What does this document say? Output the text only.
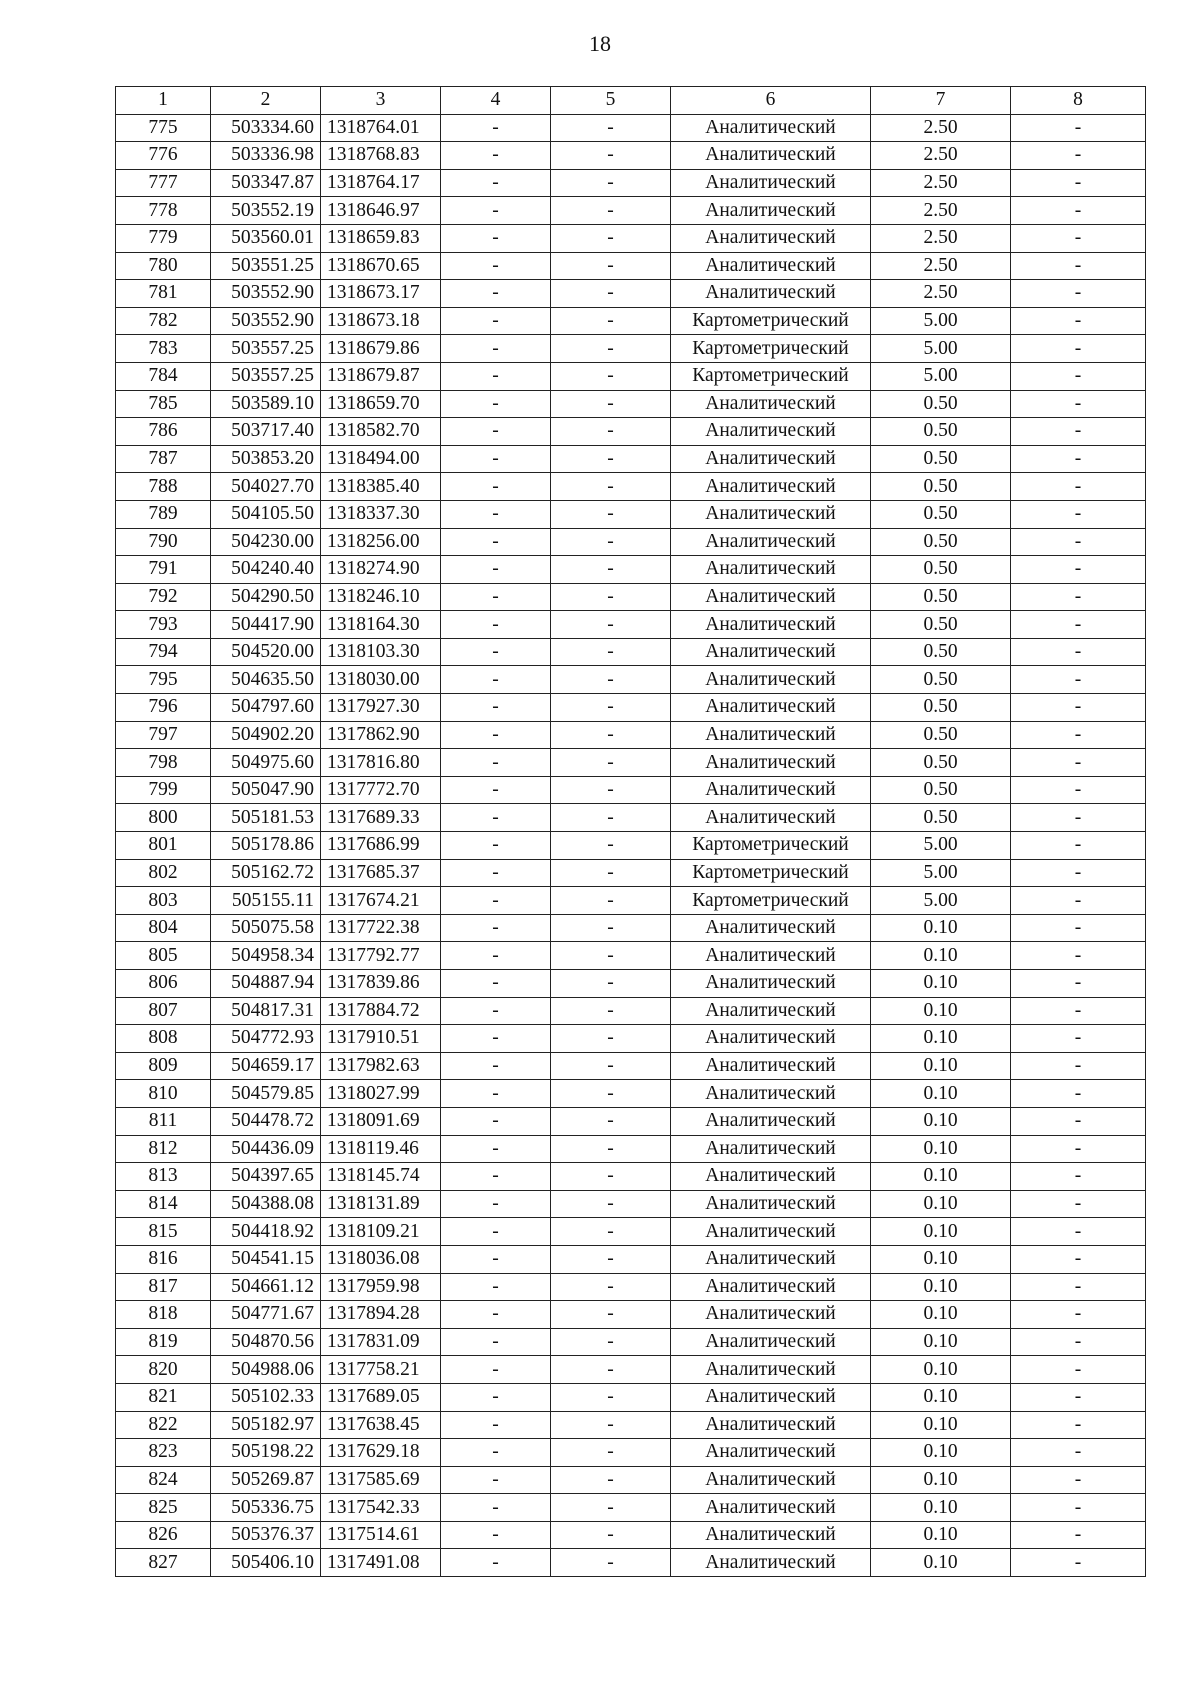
18
1	2	3	4	5	6	7	8
775	503334.60	1318764.01	-	-	Аналитический	2.50	-
776	503336.98	1318768.83	-	-	Аналитический	2.50	-
777	503347.87	1318764.17	-	-	Аналитический	2.50	-
778	503552.19	1318646.97	-	-	Аналитический	2.50	-
779	503560.01	1318659.83	-	-	Аналитический	2.50	-
780	503551.25	1318670.65	-	-	Аналитический	2.50	-
781	503552.90	1318673.17	-	-	Аналитический	2.50	-
782	503552.90	1318673.18	-	-	Картометрический	5.00	-
783	503557.25	1318679.86	-	-	Картометрический	5.00	-
784	503557.25	1318679.87	-	-	Картометрический	5.00	-
785	503589.10	1318659.70	-	-	Аналитический	0.50	-
786	503717.40	1318582.70	-	-	Аналитический	0.50	-
787	503853.20	1318494.00	-	-	Аналитический	0.50	-
788	504027.70	1318385.40	-	-	Аналитический	0.50	-
789	504105.50	1318337.30	-	-	Аналитический	0.50	-
790	504230.00	1318256.00	-	-	Аналитический	0.50	-
791	504240.40	1318274.90	-	-	Аналитический	0.50	-
792	504290.50	1318246.10	-	-	Аналитический	0.50	-
793	504417.90	1318164.30	-	-	Аналитический	0.50	-
794	504520.00	1318103.30	-	-	Аналитический	0.50	-
795	504635.50	1318030.00	-	-	Аналитический	0.50	-
796	504797.60	1317927.30	-	-	Аналитический	0.50	-
797	504902.20	1317862.90	-	-	Аналитический	0.50	-
798	504975.60	1317816.80	-	-	Аналитический	0.50	-
799	505047.90	1317772.70	-	-	Аналитический	0.50	-
800	505181.53	1317689.33	-	-	Аналитический	0.50	-
801	505178.86	1317686.99	-	-	Картометрический	5.00	-
802	505162.72	1317685.37	-	-	Картометрический	5.00	-
803	505155.11	1317674.21	-	-	Картометрический	5.00	-
804	505075.58	1317722.38	-	-	Аналитический	0.10	-
805	504958.34	1317792.77	-	-	Аналитический	0.10	-
806	504887.94	1317839.86	-	-	Аналитический	0.10	-
807	504817.31	1317884.72	-	-	Аналитический	0.10	-
808	504772.93	1317910.51	-	-	Аналитический	0.10	-
809	504659.17	1317982.63	-	-	Аналитический	0.10	-
810	504579.85	1318027.99	-	-	Аналитический	0.10	-
811	504478.72	1318091.69	-	-	Аналитический	0.10	-
812	504436.09	1318119.46	-	-	Аналитический	0.10	-
813	504397.65	1318145.74	-	-	Аналитический	0.10	-
814	504388.08	1318131.89	-	-	Аналитический	0.10	-
815	504418.92	1318109.21	-	-	Аналитический	0.10	-
816	504541.15	1318036.08	-	-	Аналитический	0.10	-
817	504661.12	1317959.98	-	-	Аналитический	0.10	-
818	504771.67	1317894.28	-	-	Аналитический	0.10	-
819	504870.56	1317831.09	-	-	Аналитический	0.10	-
820	504988.06	1317758.21	-	-	Аналитический	0.10	-
821	505102.33	1317689.05	-	-	Аналитический	0.10	-
822	505182.97	1317638.45	-	-	Аналитический	0.10	-
823	505198.22	1317629.18	-	-	Аналитический	0.10	-
824	505269.87	1317585.69	-	-	Аналитический	0.10	-
825	505336.75	1317542.33	-	-	Аналитический	0.10	-
826	505376.37	1317514.61	-	-	Аналитический	0.10	-
827	505406.10	1317491.08	-	-	Аналитический	0.10	-
